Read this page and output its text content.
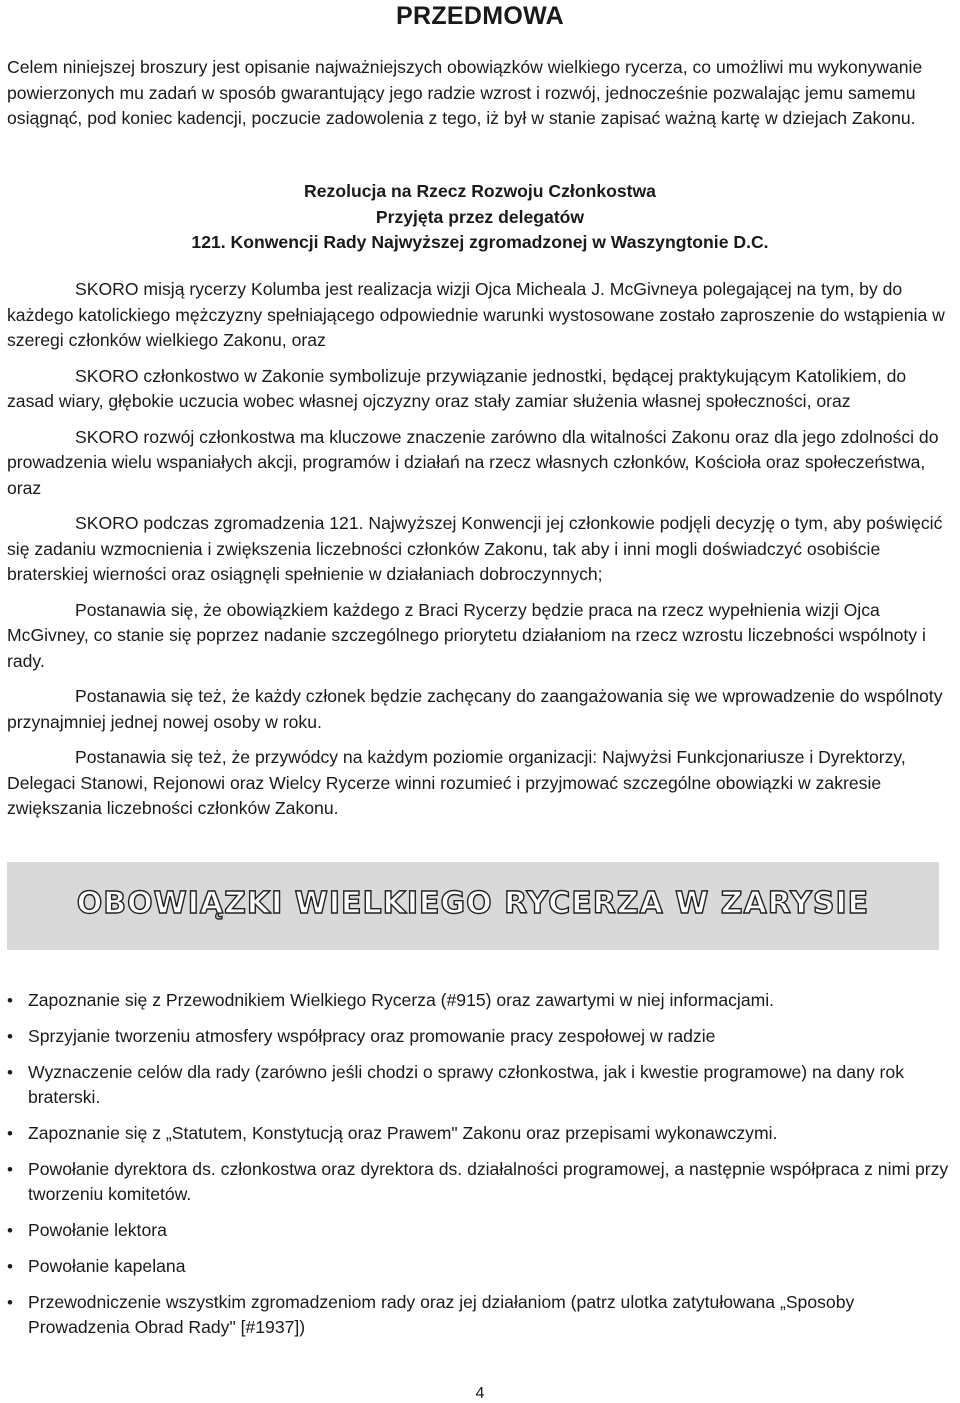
PRZEDMOWA

Celem niniejszej broszury jest opisanie najważniejszych obowiązków wielkiego rycerza, co umożliwi mu wykonywanie powierzonych mu zadań w sposób gwarantujący jego radzie wzrost i rozwój, jednocześnie pozwalając jemu samemu osiągnąć, pod koniec kadencji, poczucie zadowolenia z tego, iż był w stanie zapisać ważną kartę w dziejach Zakonu.

Rezolucja na Rzecz Rozwoju Członkostwa
Przyjęta przez delegatów
121. Konwencji Rady Najwyższej zgromadzonej w Waszyngtonie D.C.

SKORO misją rycerzy Kolumba jest realizacja wizji Ojca Micheala J. McGivneya polegającej na tym, by do każdego katolickiego mężczyzny spełniającego odpowiednie warunki wystosowane zostało zaproszenie do wstąpienia w szeregi członków wielkiego Zakonu, oraz

SKORO członkostwo w Zakonie symbolizuje przywiązanie jednostki, będącej praktykującym Katolikiem, do zasad wiary, głębokie uczucia wobec własnej ojczyzny oraz stały zamiar służenia własnej społeczności, oraz

SKORO rozwój członkostwa ma kluczowe znaczenie zarówno dla witalności Zakonu oraz dla jego zdolności do prowadzenia wielu wspaniałych akcji, programów i działań na rzecz własnych członków, Kościoła oraz społeczeństwa, oraz

SKORO podczas zgromadzenia 121. Najwyższej Konwencji jej członkowie podjęli decyzję o tym, aby poświęcić się zadaniu wzmocnienia i zwiększenia liczebności członków Zakonu, tak aby i inni mogli doświadczyć osobiście braterskiej wierności oraz osiągnęli spełnienie w działaniach dobroczynnych;

Postanawia się, że obowiązkiem każdego z Braci Rycerzy będzie praca na rzecz wypełnienia wizji Ojca McGivney, co stanie się poprzez nadanie szczególnego priorytetu działaniom na rzecz wzrostu liczebności wspólnoty i rady.

Postanawia się też, że każdy członek będzie zachęcany do zaangażowania się we wprowadzenie do wspólnoty przynajmniej jednej nowej osoby w roku.

Postanawia się też, że przywódcy na każdym poziomie organizacji: Najwyżsi Funkcjonariusze i Dyrektorzy, Delegaci Stanowi, Rejonowi oraz Wielcy Rycerze winni rozumieć i przyjmować szczególne obowiązki w zakresie zwiększania liczebności członków Zakonu.

OBOWIĄZKI WIELKIEGO RYCERZA W ZARYSIE
• Zapoznanie się z Przewodnikiem Wielkiego Rycerza (#915) oraz zawartymi w niej informacjami.
• Sprzyjanie tworzeniu atmosfery współpracy oraz promowanie pracy zespołowej w radzie
• Wyznaczenie celów dla rady (zarówno jeśli chodzi o sprawy członkostwa, jak i kwestie programowe) na dany rok braterski.
• Zapoznanie się z „Statutem, Konstytucją oraz Prawem" Zakonu oraz przepisami wykonawczymi.
• Powołanie dyrektora ds. członkostwa oraz dyrektora ds. działalności programowej, a następnie współpraca z nimi przy tworzeniu komitetów.
• Powołanie lektora
• Powołanie kapelana
• Przewodniczenie wszystkim zgromadzeniom rady oraz jej działaniom (patrz ulotka zatytułowana „Sposoby Prowadzenia Obrad Rady" [#1937])
4
